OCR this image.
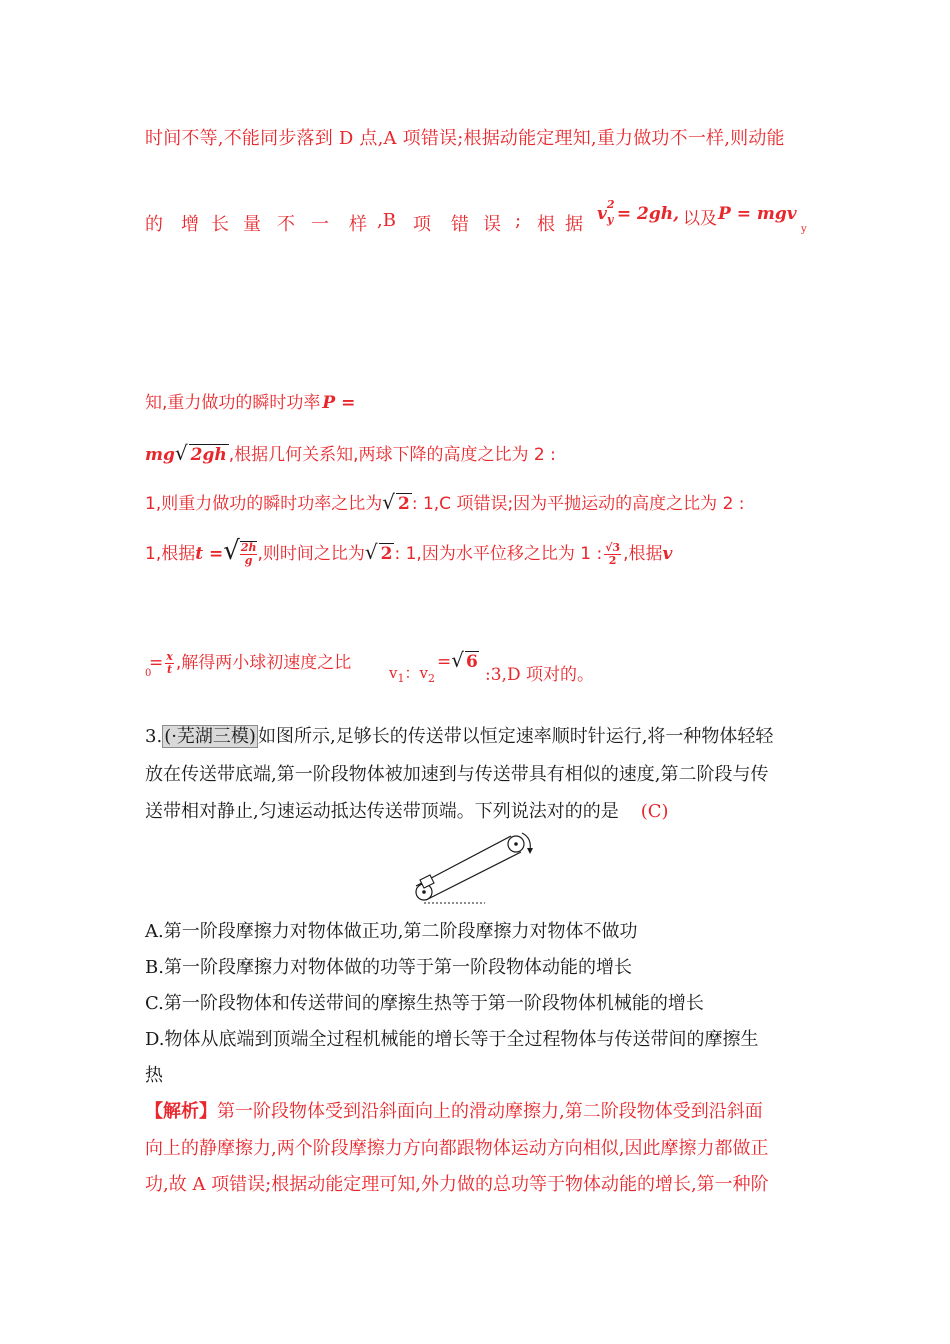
时间不等,不能同步落到 D 点,A 项错误;根据动能定理知,重力做功不一样,则动能
的 增 长 量 不 一 样 ,B 项 错 误 ; 根 据 v 2
y = 2gh, 以及 P = mgv
y
知,重力做功的瞬时功率 P =
mg√ 2gh ,根据几何关系知,两球下降的高度之比为 2 :
1,则重力做功的瞬时功率之比为√ 2 : 1,C 项错误;因为平抛运动的高度之比为 2 :
1,根据t =√ $\frac{2h}{g}$ ,则时间之比为√ 2 : 1,因为水平位移之比为 1 : $\frac{√3}{2}$ ,根据v
0
= $\frac{x}{t}$ ,解得两小球初速度之比	$v_1$：$v_2$
=√ 6
:3,D 项对的。
3. (·芜湖三模) 如图所示,足够长的传送带以恒定速率顺时针运行,将一种物体轻轻
放在传送带底端,第一阶段物体被加速到与传送带具有相似的速度,第二阶段与传
送带相对静止,匀速运动抵达传送带顶端。下列说法对的的是 (C)
A.第一阶段摩擦力对物体做正功,第二阶段摩擦力对物体不做功
B.第一阶段摩擦力对物体做的功等于第一阶段物体动能的增长
C.第一阶段物体和传送带间的摩擦生热等于第一阶段物体机械能的增长
D.物体从底端到顶端全过程机械能的增长等于全过程物体与传送带间的摩擦生
热
【解析】第一阶段物体受到沿斜面向上的滑动摩擦力,第二阶段物体受到沿斜面
向上的静摩擦力,两个阶段摩擦力方向都跟物体运动方向相似,因此摩擦力都做正
功,故 A 项错误;根据动能定理可知,外力做的总功等于物体动能的增长,第一种阶
